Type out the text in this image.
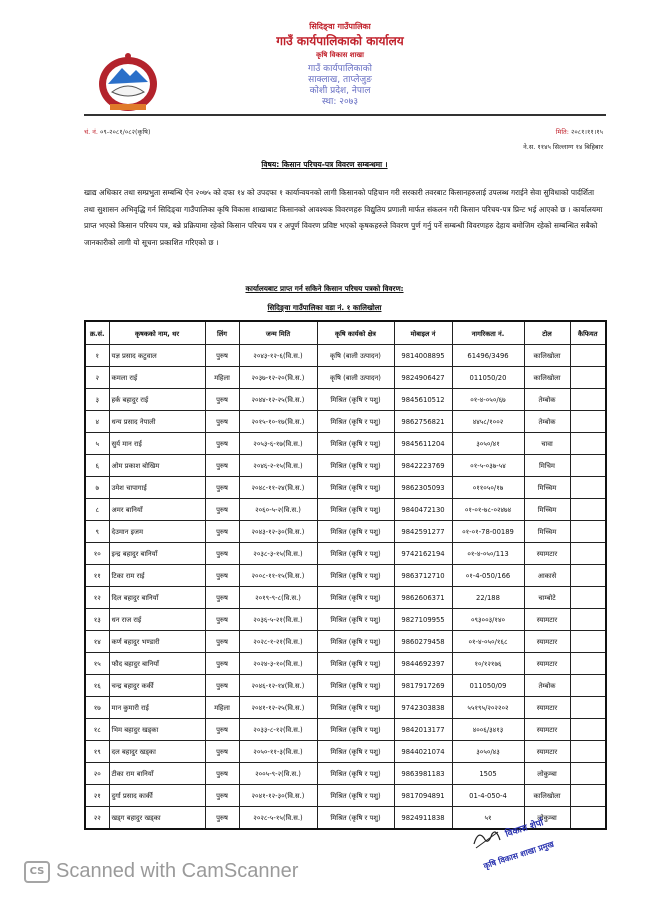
सिदिङ्वा गाउँपालिका
गाउँ कार्यपालिकाको कार्यालय
कृषि विकास शाखा
गाउँ कार्यपालिकाको
साक्लाख, ताप्लेजुङ
कोशी प्रदेश, नेपाल
स्था: २०७३
चं. नं. ०९-२०८१/०८२(कृषि)	मिति: २०८१।११।१५
ने.स. ११४५ सिल्लाग्ग १४ बिहिबार
विषय: किसान परिचय-पत्र विवरण सम्बन्धमा ।
खाद्य अधिकार तथा सम्प्रभुता सम्बन्धि ऐन २०७५ को दफा १४ को उपदफा १ कार्यान्वयनको लागी किसानको पहिचान गरी सरकारी तवरबाट किसानहरुलाई उपलब्ध गराईने सेवा सुविधाको पार्दर्शिता तथा सुशासन अभिवृद्धि गर्न सिदिङ्वा गाउँपालिका कृषि विकास शाखाबाट किसानको आवश्यक विवरणहरु विद्युतिय प्रणाली मार्फत संकलन गरी किसान परिचय-पत्र प्रिन्ट भई आएको छ । कार्यालयमा प्राप्त भएको किसान परिचय पत्र, बन्ने प्रक्रियामा रहेको किसान परिचय पत्र र अपूर्ण विवरण प्रविष्ट भएको कृषकहरुले विवरण पुर्ण गर्नु पर्ने सम्बन्धी विवरणहरु देहाय बमोजिम रहेको सम्बन्धित सबैको जानकारीको लागी यो सूचना प्रकाशित गरिएको छ ।
कार्यालयबाट प्राप्त गर्न सकिने किसान परिचय पत्रको विवरण:
सिदिङ्वा गाउँपालिका वडा नं. १ कालिखोला
क्र.सं.	कृषकको नाम, थर	लिंग	जन्म मिति	कृषि कार्यको क्षेत्र	मोबाइल नं	नागरिकता नं.	टोल	कैफियत
१	यज्ञ प्रसाद कटुवाल	पुरुष	२०४३-१२-६(वि.स.)	कृषि (बाली उत्पादन)	9814008895	61496/3496	कालिखोला	
२	कमला राई	महिला	२०३७-१२-२०(वि.स.)	कृषि (बाली उत्पादन)	9824906427	011050/20	कालिखोला	
३	हर्क बहादुर राई	पुरुष	२०४४-१२-२५(वि.स.)	मिश्रित (कृषि र पशु)	9845610512	०१-४-०५०/६७	तेम्बोक	
४	धन्य प्रसाद नेपाली	पुरुष	२०१५-१०-१७(वि.स.)	मिश्रित (कृषि र पशु)	9862756821	४४५८/१००२	तेम्बोक	
५	सुर्य मान राई	पुरुष	२०५३-६-१७(वि.स.)	मिश्रित (कृषि र पशु)	9845611204	३०५०/४१	चावा	
६	ओम प्रकाश बोखिम	पुरुष	२०४६-२-१५(वि.स.)	मिश्रित (कृषि र पशु)	9842223769	०१-५-०३७-५४	मिचिम	
७	उमेश चापागाई	पुरुष	२०४८-११-२४(वि.स.)	मिश्रित (कृषि र पशु)	9862305093	०११०५०/१७	मिच्चिम	
८	अमर बानियाँ	पुरुष	२०६०-५-२(वि.स.)	मिश्रित (कृषि र पशु)	9840472130	०१-०१-७८-०२४७४	मिच्चिम	
९	देउमान इजम	पुरुष	२०४३-१२-३०(वि.स.)	मिश्रित (कृषि र पशु)	9842591277	०१-०१-78-00189	मिच्चिम	
१०	इन्द्र बहादुर बानियाँ	पुरुष	२०३८-३-१५(वि.स.)	मिश्रित (कृषि र पशु)	9742162194	०१-४-०५०/113	स्यामटार	
११	टिका राम राई	पुरुष	२००८-११-१५(वि.स.)	मिश्रित (कृषि र पशु)	9863712710	०१-4-050/166	आकासे	
१२	दिल बहादुर बानियाँ	पुरुष	२०१९-९-८(वि.स.)	मिश्रित (कृषि र पशु)	9862606371	22/188	चाम्बोटे	
१३	धन राज राई	पुरुष	२०३६-५-२१(वि.स.)	मिश्रित (कृषि र पशु)	9827109955	०९३००३/१४०	स्यामटार	
१४	कर्ण बहादुर भण्डारी	पुरुष	२०२८-१-२१(वि.स.)	मिश्रित (कृषि र पशु)	9860279458	०१-४-०५०/१६८	स्यामटार	
१५	फौद बहादुर बानियाँ	पुरुष	२०२४-३-१०(वि.स.)	मिश्रित (कृषि र पशु)	9844692397	१०/१२१७६	स्यामटार	
१६	चन्द्र बहादुर कर्की	पुरुष	२०४६-१२-१४(वि.स.)	मिश्रित (कृषि र पशु)	9817917269	011050/09	तेम्बोक	
१७	मान कुमारी राई	महिला	२०४१-१२-२५(वि.स.)	मिश्रित (कृषि र पशु)	9742303838	५५१९५/२०२२०२	स्यामटार	
१८	भिम बहादुर खड्का	पुरुष	२०३३-८-१२(वि.स.)	मिश्रित (कृषि र पशु)	9842013177	४००६/३४१३	स्यामटार	
१९	दल बहादुर खड्का	पुरुष	२०५०-११-३(वि.स.)	मिश्रित (कृषि र पशु)	9844021074	३०५०/४३	स्यामटार	
२०	टीका राम बानियाँ	पुरुष	२००५-९-२(वि.स.)	मिश्रित (कृषि र पशु)	9863981183	1505	लोकुम्बा	
२१	दुर्गा प्रसाद कार्की	पुरुष	२०४१-१२-३०(वि.स.)	मिश्रित (कृषि र पशु)	9817094891	01-4-050-4	कालिखोला	
२२	खड्ग बहादुर खड्का	पुरुष	२०२८-५-१५(वि.स.)	मिश्रित (कृषि र पशु)	9824911838	५१	लोकुम्बा	
विकास शेर्पा
कृषि विकास शाखा प्रमुख
CS Scanned with CamScanner
